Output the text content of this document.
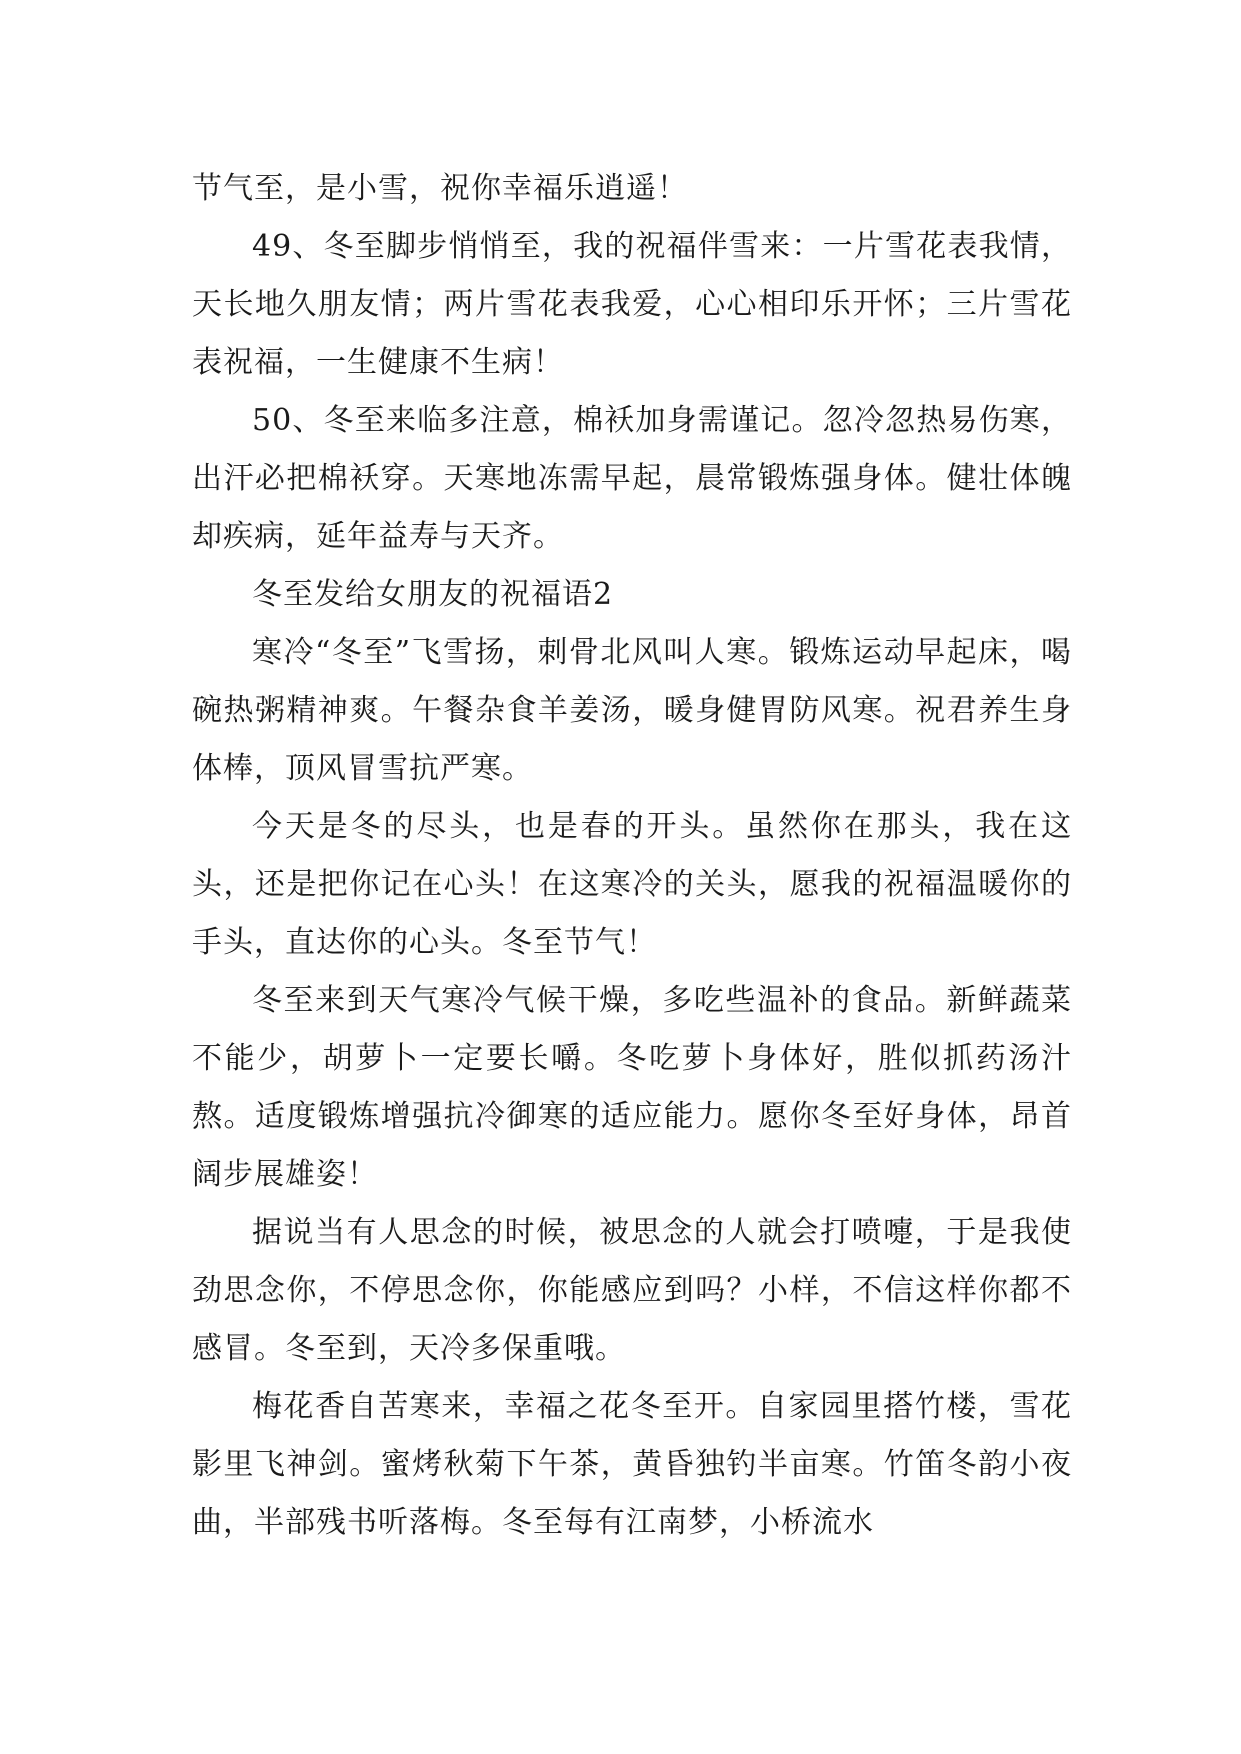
节气至，是小雪，祝你幸福乐逍遥！

49、冬至脚步悄悄至，我的祝福伴雪来：一片雪花表我情，天长地久朋友情；两片雪花表我爱，心心相印乐开怀；三片雪花表祝福，一生健康不生病！

50、冬至来临多注意，棉袄加身需谨记。忽冷忽热易伤寒，出汗必把棉袄穿。天寒地冻需早起，晨常锻炼强身体。健壮体魄却疾病，延年益寿与天齐。

冬至发给女朋友的祝福语2

寒冷“冬至”飞雪扬，刺骨北风叫人寒。锻炼运动早起床，喝碗热粥精神爽。午餐杂食羊姜汤，暖身健胃防风寒。祝君养生身体棒，顶风冒雪抗严寒。

今天是冬的尽头，也是春的开头。虽然你在那头，我在这头，还是把你记在心头！在这寒冷的关头，愿我的祝福温暖你的手头，直达你的心头。冬至节气！

冬至来到天气寒冷气候干燥，多吃些温补的食品。新鲜蔬菜不能少，胡萝卜一定要长嚼。冬吃萝卜身体好，胜似抓药汤汁熬。适度锻炼增强抗冷御寒的适应能力。愿你冬至好身体，昂首阔步展雄姿！

据说当有人思念的时候，被思念的人就会打喷嚏，于是我使劲思念你，不停思念你，你能感应到吗？小样，不信这样你都不感冒。冬至到，天冷多保重哦。

梅花香自苦寒来，幸福之花冬至开。自家园里搭竹楼，雪花影里飞神剑。蜜烤秋菊下午茶，黄昏独钓半亩寒。竹笛冬韵小夜曲，半部残书听落梅。冬至每有江南梦，小桥流水
